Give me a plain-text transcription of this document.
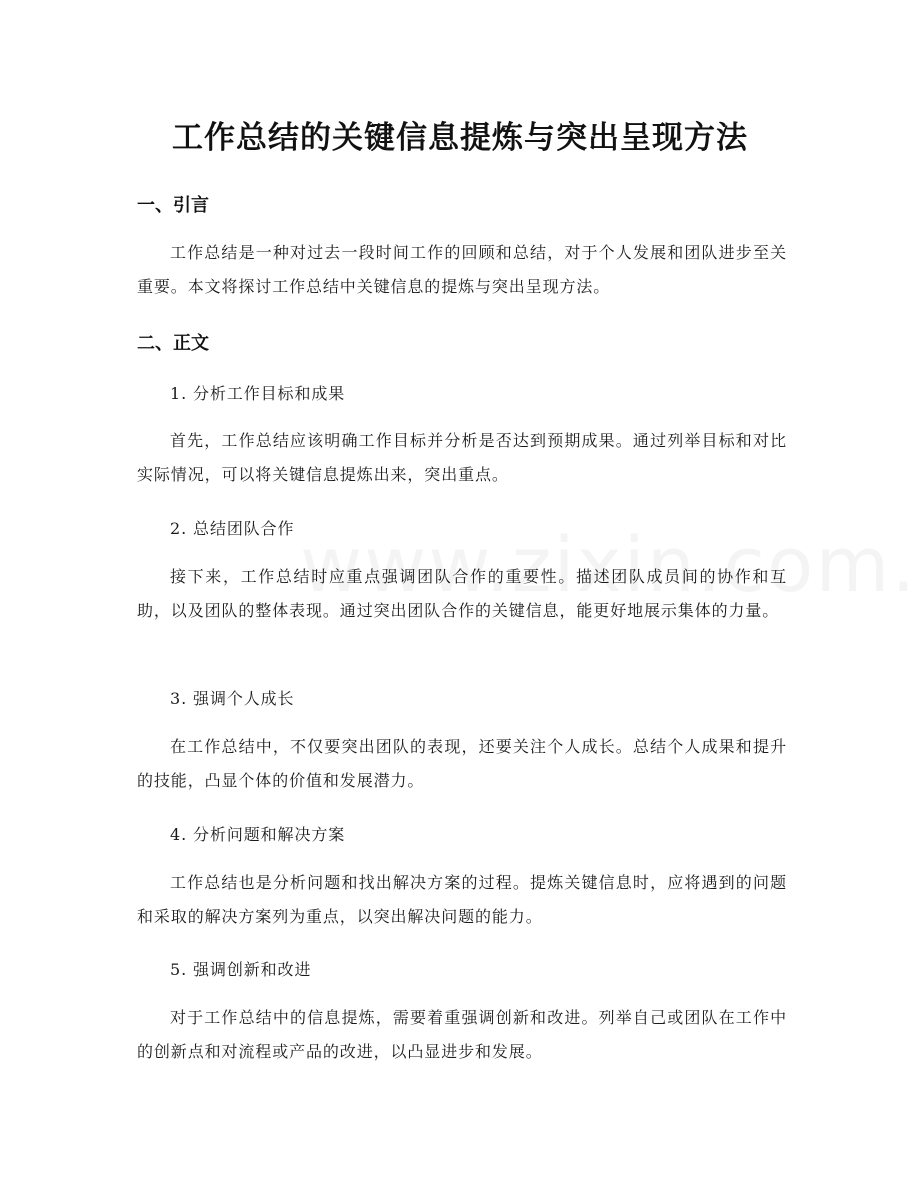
工作总结的关键信息提炼与突出呈现方法
一、引言

工作总结是一种对过去一段时间工作的回顾和总结，对于个人发展和团队进步至关重要。本文将探讨工作总结中关键信息的提炼与突出呈现方法。

二、正文

1. 分析工作目标和成果

首先，工作总结应该明确工作目标并分析是否达到预期成果。通过列举目标和对比实际情况，可以将关键信息提炼出来，突出重点。

2. 总结团队合作

接下来，工作总结时应重点强调团队合作的重要性。描述团队成员间的协作和互助，以及团队的整体表现。通过突出团队合作的关键信息，能更好地展示集体的力量。

3. 强调个人成长

在工作总结中，不仅要突出团队的表现，还要关注个人成长。总结个人成果和提升的技能，凸显个体的价值和发展潜力。

4. 分析问题和解决方案

工作总结也是分析问题和找出解决方案的过程。提炼关键信息时，应将遇到的问题和采取的解决方案列为重点，以突出解决问题的能力。

5. 强调创新和改进

对于工作总结中的信息提炼，需要着重强调创新和改进。列举自己或团队在工作中的创新点和对流程或产品的改进，以凸显进步和发展。
